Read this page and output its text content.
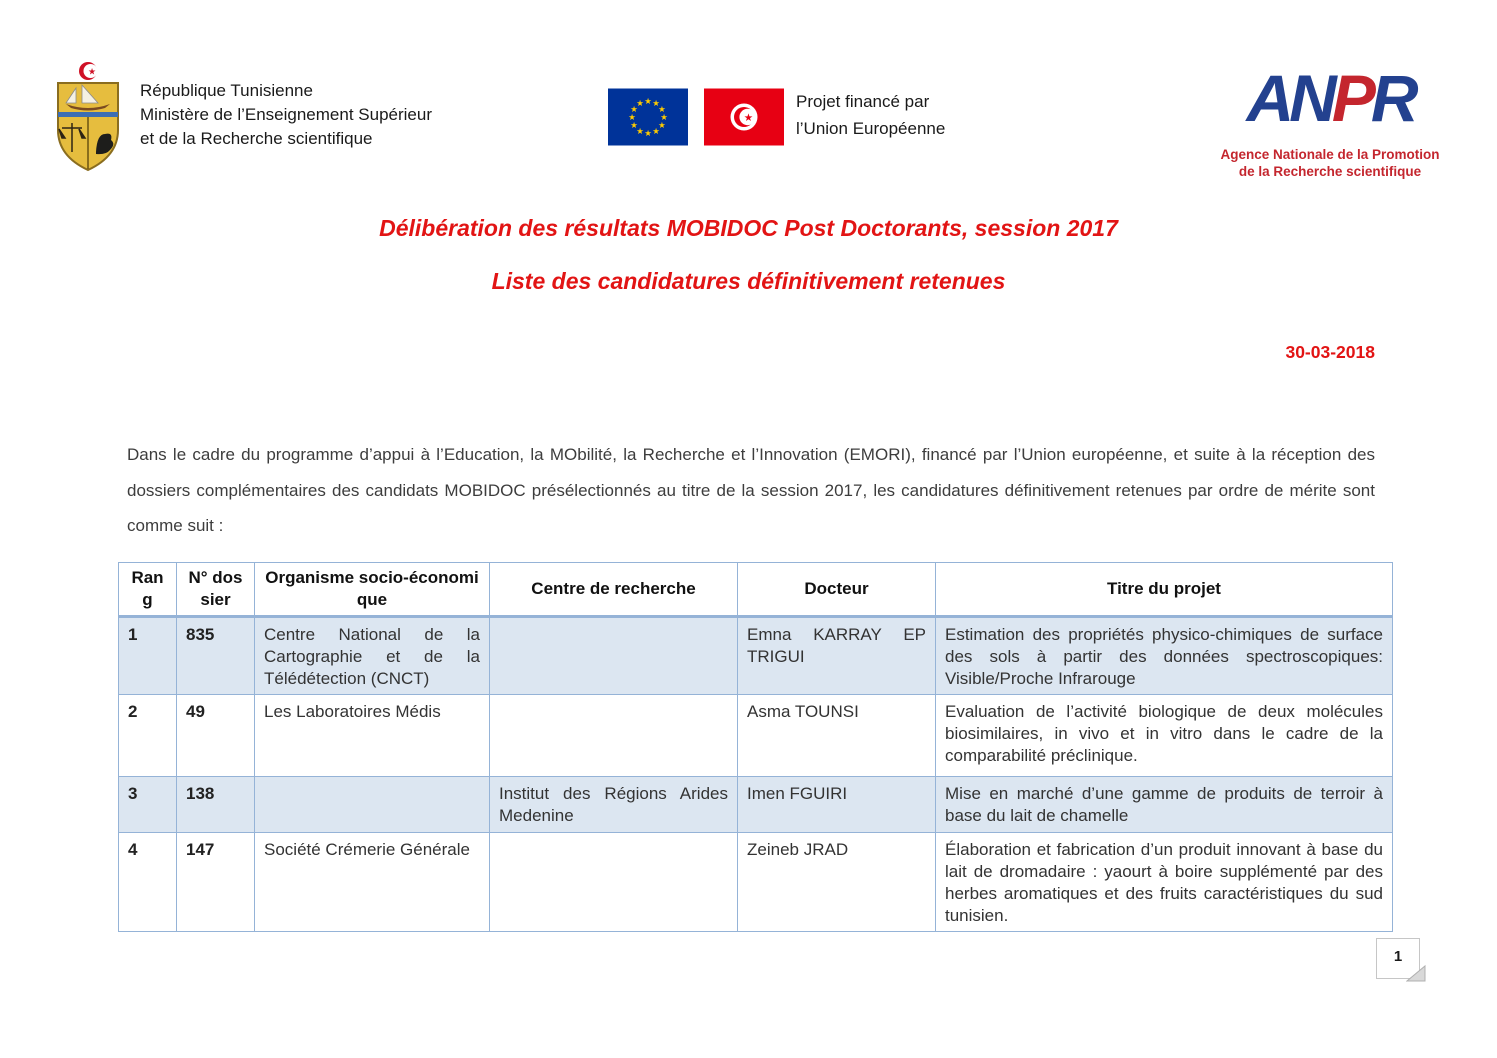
★
République Tunisienne
Ministère de l’Enseignement Supérieur
et de la Recherche scientifique
★ ★
★
★
★
★
★
★
★
★
★
★
★
Projet financé par
l’Union Européenne	ANPR
Agence Nationale de la Promotion
de la Recherche scientifique
Délibération des résultats MOBIDOC Post Doctorants, session 2017
Liste des candidatures définitivement retenues
30-03-2018

Dans le cadre du programme d’appui à l’Education, la MObilité, la Recherche et l’Innovation (EMORI), financé par l’Union européenne, et suite à la réception des dossiers complémentaires des candidats MOBIDOC présélectionnés au titre de la session 2017, les candidatures définitivement retenues par ordre de mérite sont comme suit :

Rang	N° dossier	Organisme socio-économique	Centre de recherche	Docteur	Titre du projet
1	835	Centre National de la Cartographie et de la Télédétection (CNCT)		Emna KARRAY EP TRIGUI	Estimation des propriétés physico-chimiques de surface des sols à partir des données spectroscopiques: Visible/Proche Infrarouge
2	49	Les Laboratoires Médis		Asma TOUNSI	Evaluation de l’activité biologique de deux molécules biosimilaires, in vivo et in vitro dans le cadre de la comparabilité préclinique.
3	138		Institut des Régions Arides Medenine	Imen FGUIRI	Mise en marché d’une gamme de produits de terroir à base du lait de chamelle
4	147	Société Crémerie Générale		Zeineb JRAD	Élaboration et fabrication d’un produit innovant à base du lait de dromadaire : yaourt à boire supplémenté par des herbes aromatiques et des fruits caractéristiques du sud tunisien.
1
